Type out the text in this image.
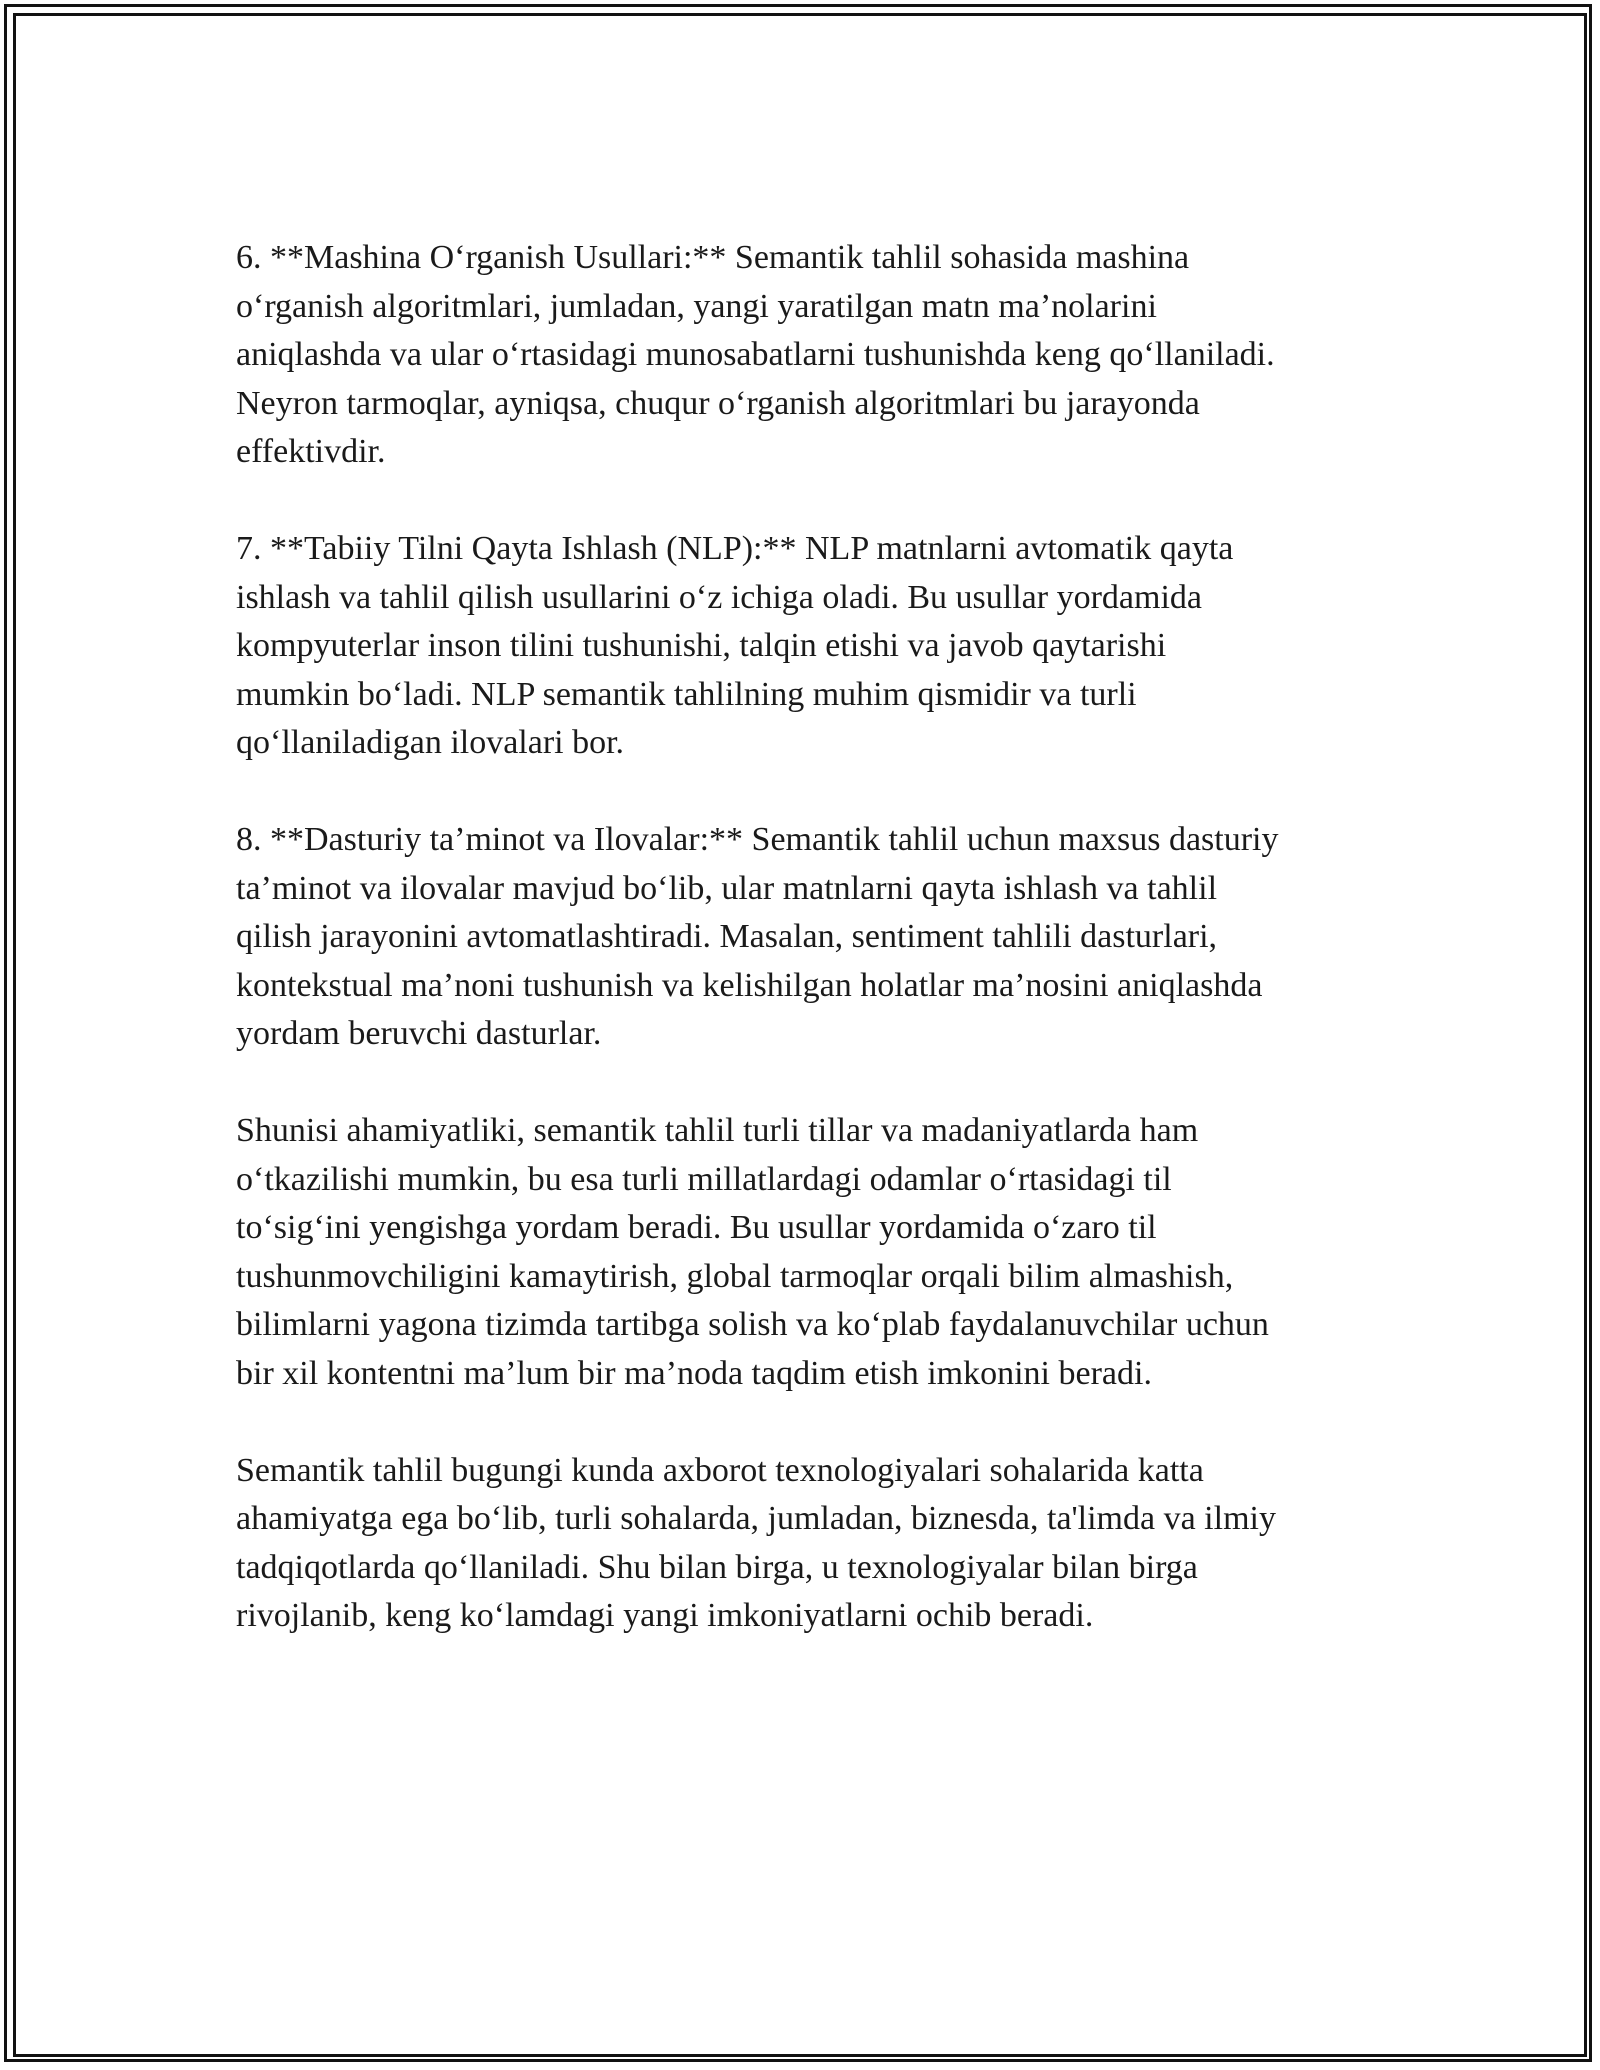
6. **Mashina O‘rganish Usullari:** Semantik tahlil sohasida mashina
o‘rganish algoritmlari, jumladan, yangi yaratilgan matn ma’nolarini
aniqlashda va ular o‘rtasidagi munosabatlarni tushunishda keng qo‘llaniladi.
Neyron tarmoqlar, ayniqsa, chuqur o‘rganish algoritmlari bu jarayonda
effektivdir.

7. **Tabiiy Tilni Qayta Ishlash (NLP):** NLP matnlarni avtomatik qayta
ishlash va tahlil qilish usullarini o‘z ichiga oladi. Bu usullar yordamida
kompyuterlar inson tilini tushunishi, talqin etishi va javob qaytarishi
mumkin bo‘ladi. NLP semantik tahlilning muhim qismidir va turli
qo‘llaniladigan ilovalari bor.

8. **Dasturiy ta’minot va Ilovalar:** Semantik tahlil uchun maxsus dasturiy
ta’minot va ilovalar mavjud bo‘lib, ular matnlarni qayta ishlash va tahlil
qilish jarayonini avtomatlashtiradi. Masalan, sentiment tahlili dasturlari,
kontekstual ma’noni tushunish va kelishilgan holatlar ma’nosini aniqlashda
yordam beruvchi dasturlar.

Shunisi ahamiyatliki, semantik tahlil turli tillar va madaniyatlarda ham
o‘tkazilishi mumkin, bu esa turli millatlardagi odamlar o‘rtasidagi til
to‘sig‘ini yengishga yordam beradi. Bu usullar yordamida o‘zaro til
tushunmovchiligini kamaytirish, global tarmoqlar orqali bilim almashish,
bilimlarni yagona tizimda tartibga solish va ko‘plab faydalanuvchilar uchun
bir xil kontentni ma’lum bir ma’noda taqdim etish imkonini beradi.

Semantik tahlil bugungi kunda axborot texnologiyalari sohalarida katta
ahamiyatga ega bo‘lib, turli sohalarda, jumladan, biznesda, ta'limda va ilmiy
tadqiqotlarda qo‘llaniladi. Shu bilan birga, u texnologiyalar bilan birga
rivojlanib, keng ko‘lamdagi yangi imkoniyatlarni ochib beradi.
